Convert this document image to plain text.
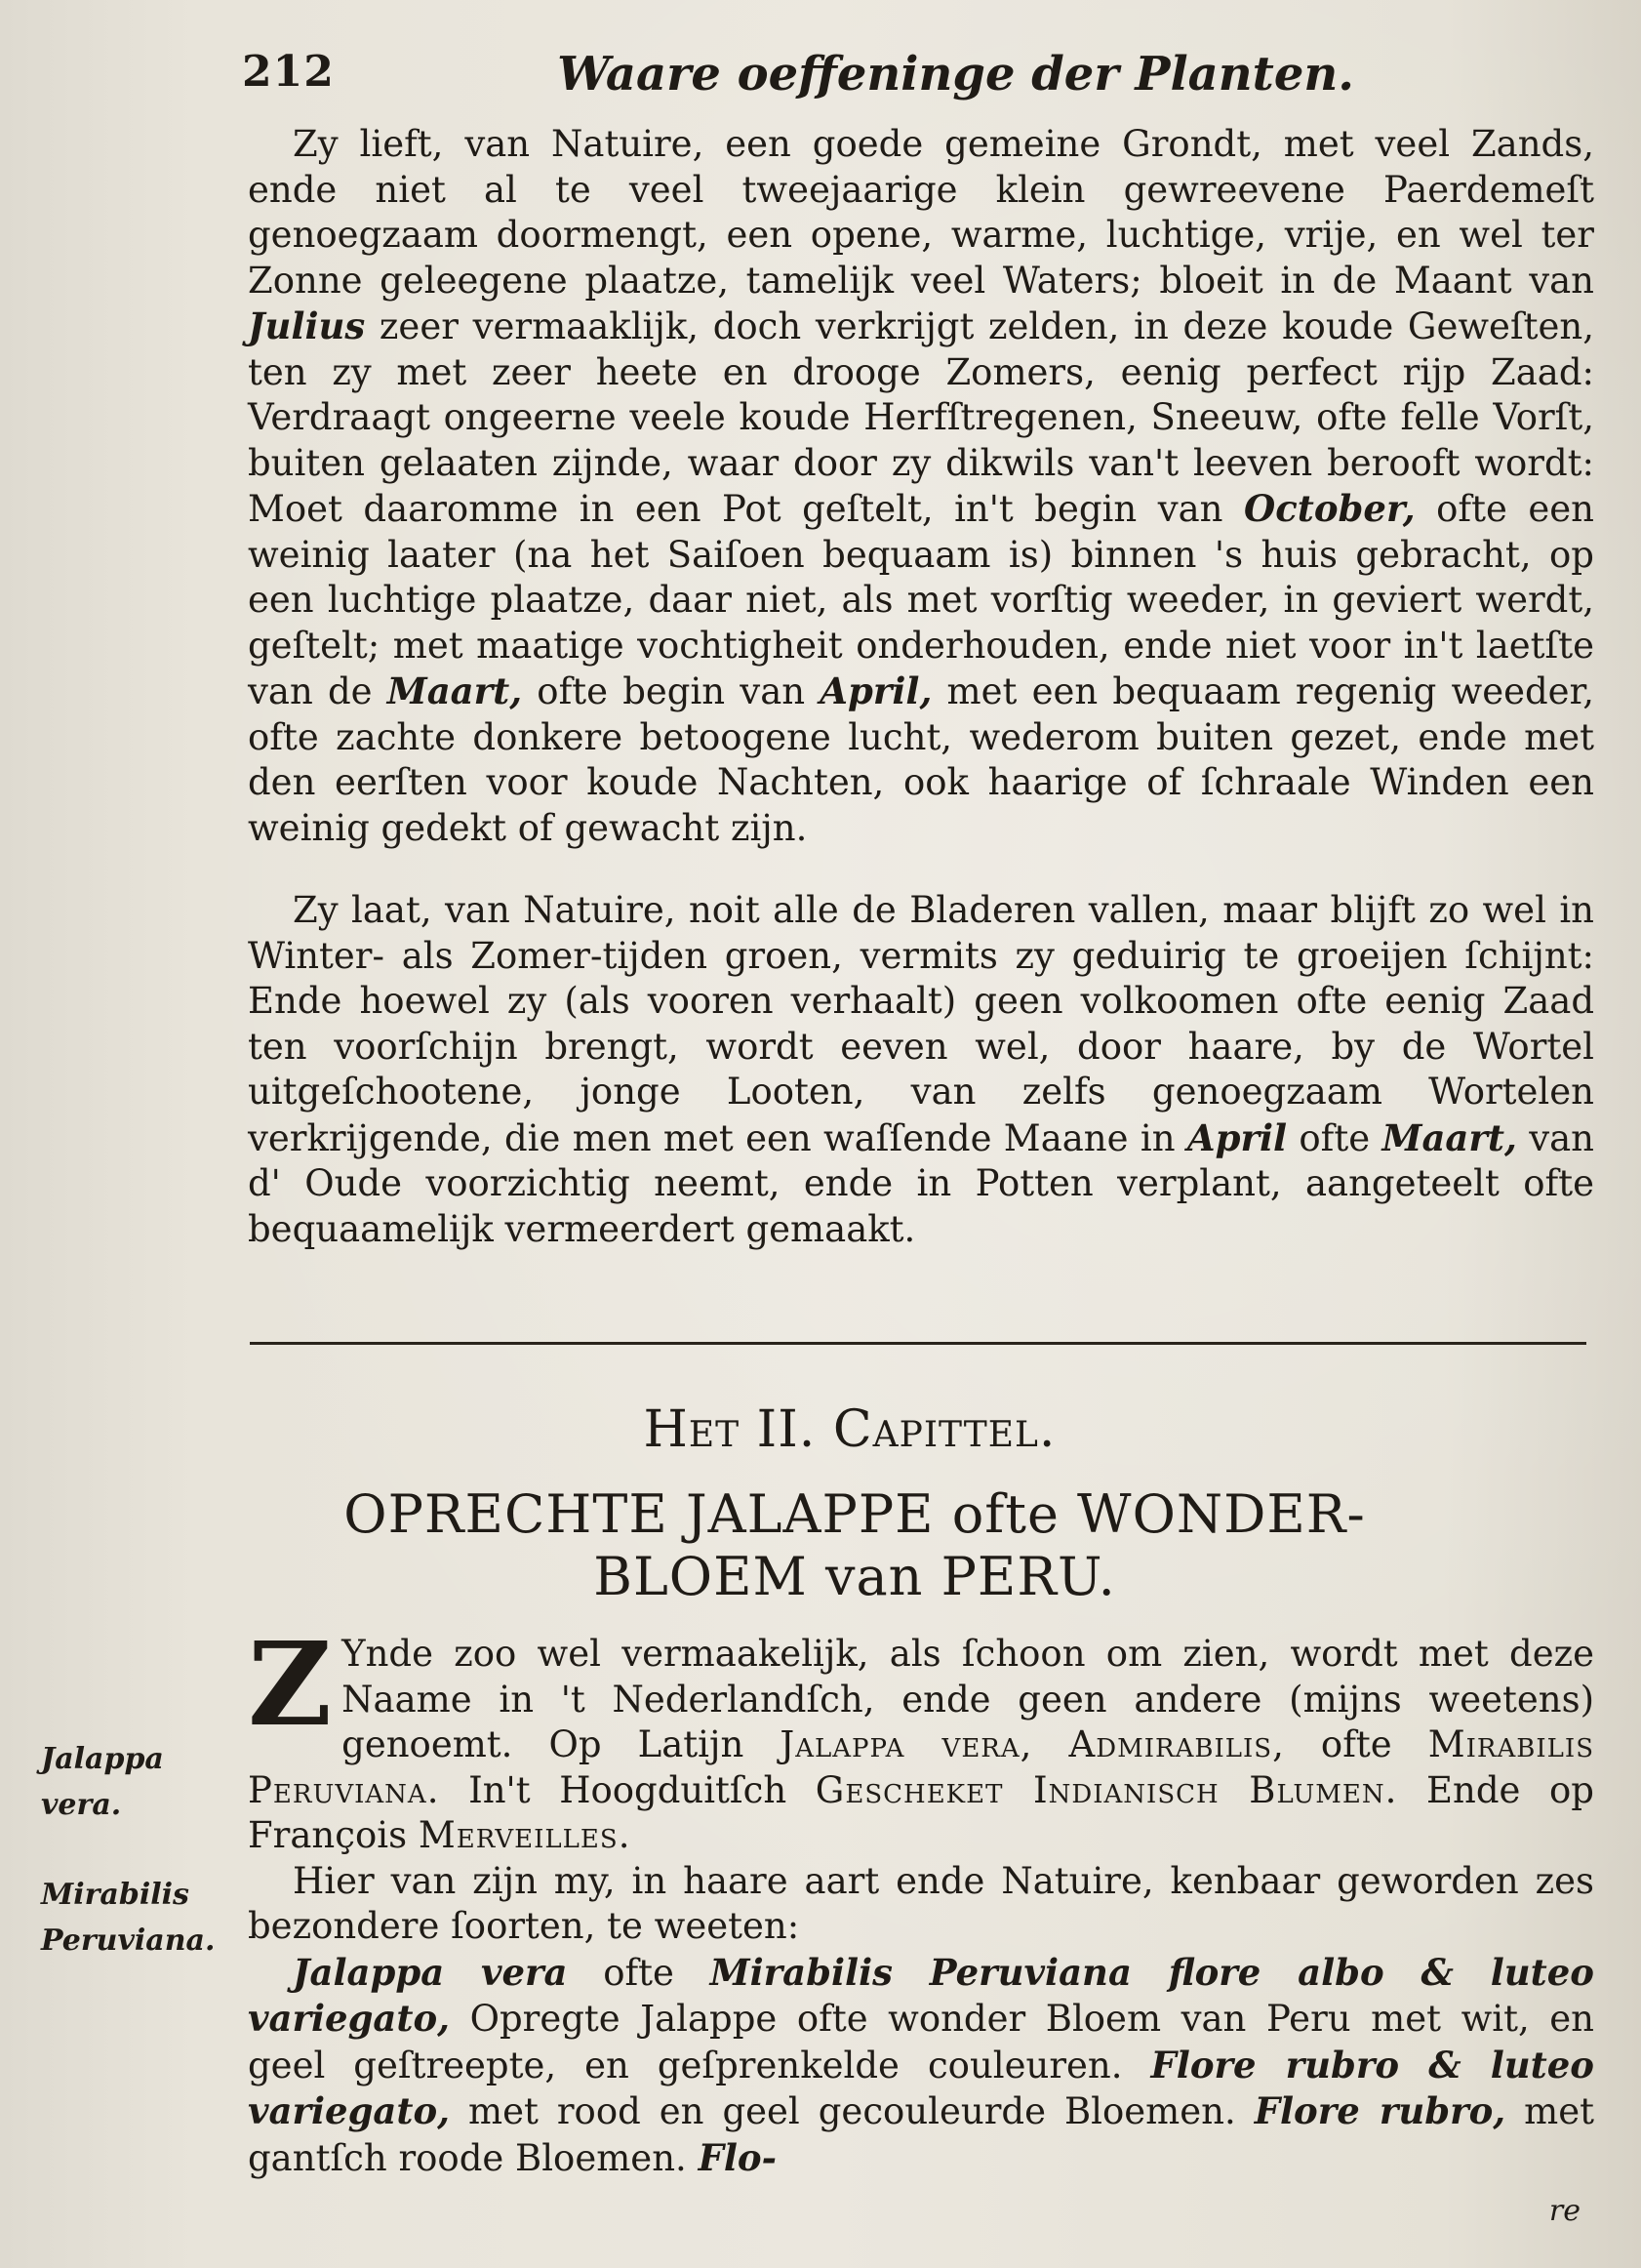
212	Waare oeffeninge der Planten.

Zy lieft, van Natuire, een goede gemeine Grondt, met veel Zands, ende niet al te veel tweejaarige klein gewreevene Paerdemeſt genoegzaam doormengt, een opene, warme, luchtige, vrije, en wel ter Zonne geleegene plaatze, tamelijk veel Waters; bloeit in de Maant van Julius zeer vermaaklijk, doch verkrijgt zelden, in deze koude Geweſten, ten zy met zeer heete en drooge Zomers, eenig perfect rijp Zaad: Verdraagt ongeerne veele koude Herfſtregenen, Sneeuw, ofte felle Vorſt, buiten gelaaten zijnde, waar door zy dikwils van't leeven berooft wordt: Moet daaromme in een Pot geſtelt, in't begin van October, ofte een weinig laater (na het Saiſoen bequaam is) binnen 's huis gebracht, op een luchtige plaatze, daar niet, als met vorſtig weeder, in geviert werdt, geſtelt; met maatige vochtigheit onderhouden, ende niet voor in't laetſte van de Maart, ofte begin van April, met een bequaam regenig weeder, ofte zachte donkere betoogene lucht, wederom buiten gezet, ende met den eerſten voor koude Nachten, ook haarige of ſchraale Winden een weinig gedekt of gewacht zijn.

Zy laat, van Natuire, noit alle de Bladeren vallen, maar blijft zo wel in Winter- als Zomer-tijden groen, vermits zy geduirig te groeijen ſchijnt: Ende hoewel zy (als vooren verhaalt) geen volkoomen ofte eenig Zaad ten voorſchijn brengt, wordt eeven wel, door haare, by de Wortel uitgeſchootene, jonge Looten, van zelfs genoegzaam Wortelen verkrijgende, die men met een waſſende Maane in April ofte Maart, van d' Oude voorzichtig neemt, ende in Potten verplant, aangeteelt ofte bequaamelijk vermeerdert gemaakt.

Het II. Capittel.
OPRECHTE JALAPPE ofte WONDER-
BLOEM van PERU.
Jalappa vera.
Mirabilis Peruviana.

Z Ynde zoo wel vermaakelijk, als ſchoon om zien, wordt met deze Naame in 't Nederlandſch, ende geen andere (mijns weetens) genoemt. Op Latijn Jalappa vera, Admirabilis, ofte Mirabilis Peruviana. In't Hoogduitſch Gescheket Indianisch Blumen. Ende op François Merveilles.

Hier van zijn my, in haare aart ende Natuire, kenbaar geworden zes bezondere ſoorten, te weeten:

Jalappa vera ofte Mirabilis Peruviana flore albo & luteo variegato, Opregte Jalappe ofte wonder Bloem van Peru met wit, en geel geſtreepte, en geſprenkelde couleuren. Flore rubro & luteo variegato, met rood en geel gecouleurde Bloemen. Flore rubro, met gantſch roode Bloemen. Flo-

re
